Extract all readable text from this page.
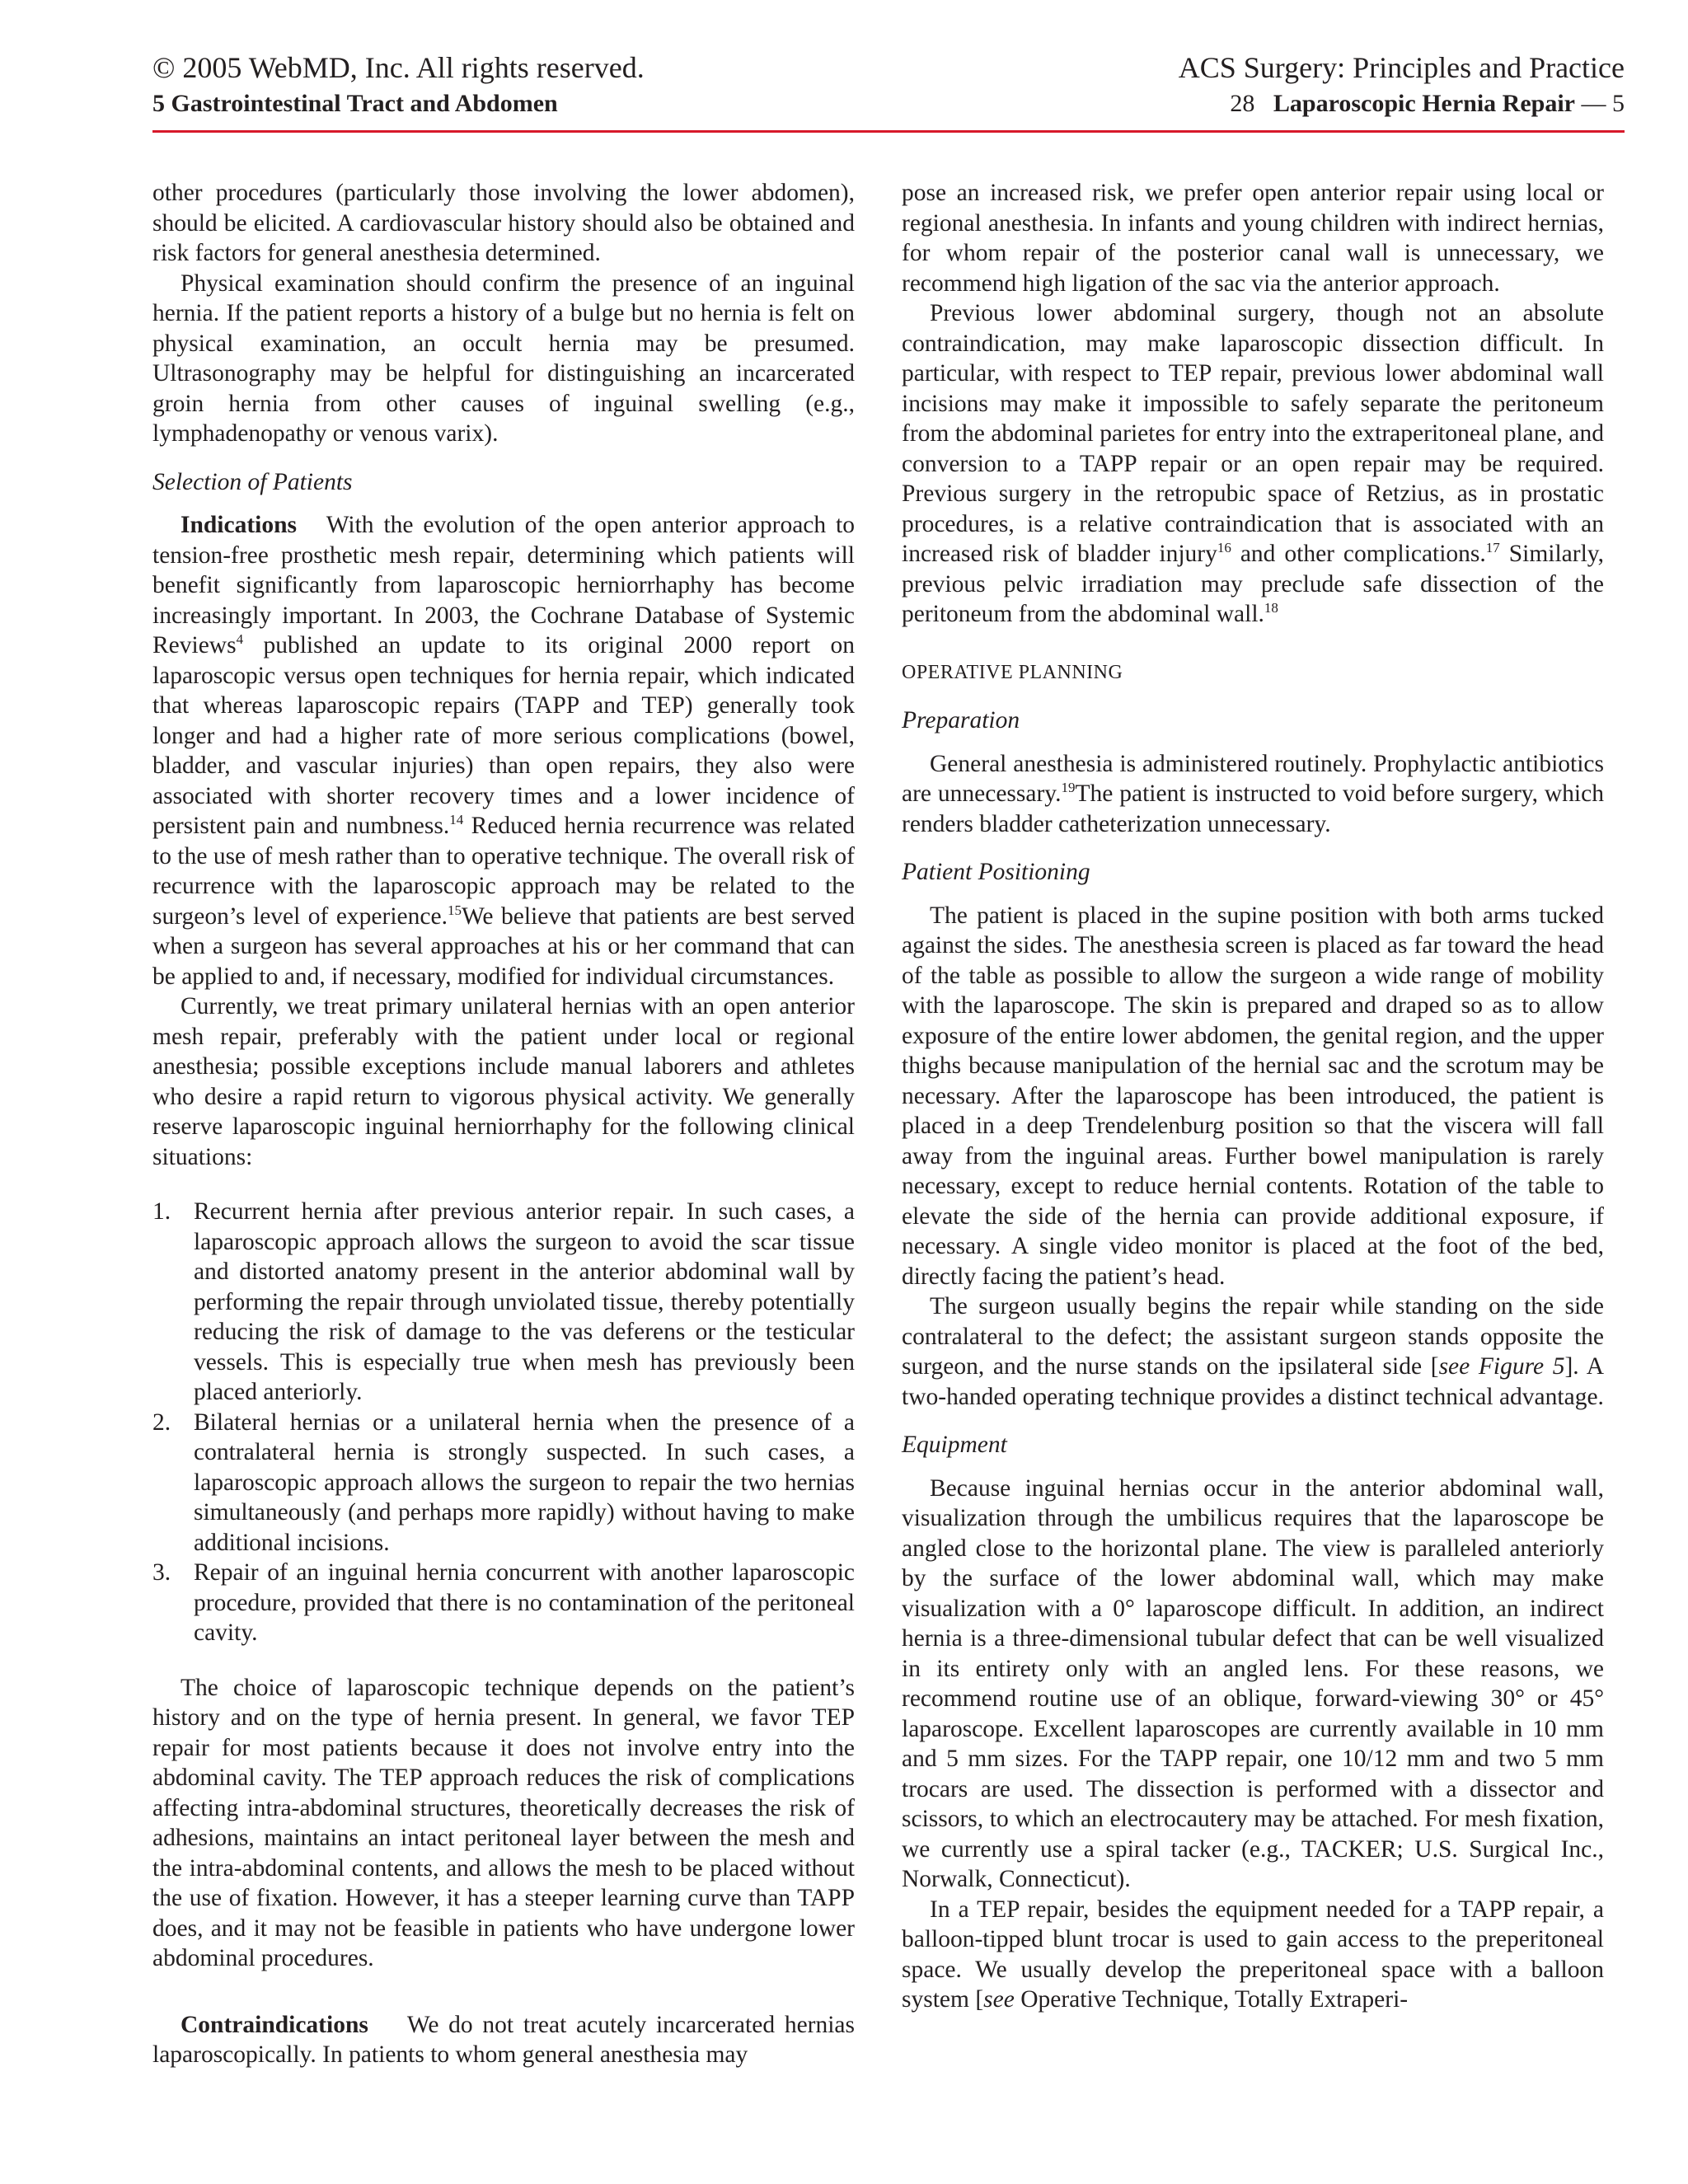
© 2005 WebMD, Inc. All rights reserved.
5 Gastrointestinal Tract and Abdomen
ACS Surgery: Principles and Practice
28 Laparoscopic Hernia Repair — 5

other procedures (particularly those involving the lower abdomen), should be elicited. A cardiovascular history should also be obtained and risk factors for general anesthesia determined.

Physical examination should confirm the presence of an inguinal hernia. If the patient reports a history of a bulge but no hernia is felt on physical examination, an occult hernia may be presumed. Ultrasonography may be helpful for distinguishing an incarcerated groin hernia from other causes of inguinal swelling (e.g., lymphadenopathy or venous varix).

Selection of Patients

Indications With the evolution of the open anterior approach to tension-free prosthetic mesh repair, determining which patients will benefit significantly from laparoscopic herniorrhaphy has become increasingly important. In 2003, the Cochrane Database of Systemic Reviews$^4$ published an update to its original 2000 report on laparoscopic versus open techniques for hernia repair, which indicated that whereas laparoscopic repairs (TAPP and TEP) generally took longer and had a higher rate of more serious complications (bowel, bladder, and vascular injuries) than open repairs, they also were associated with shorter recovery times and a lower incidence of persistent pain and numbness.$^{14}$ Reduced hernia recurrence was related to the use of mesh rather than to operative technique. The overall risk of recurrence with the laparoscopic approach may be related to the surgeon’s level of experience.$^{15}$We believe that patients are best served when a surgeon has several approaches at his or her command that can be applied to and, if necessary, modified for individual circumstances.

Currently, we treat primary unilateral hernias with an open anterior mesh repair, preferably with the patient under local or regional anesthesia; possible exceptions include manual laborers and athletes who desire a rapid return to vigorous physical activity. We generally reserve laparoscopic inguinal herniorrhaphy for the following clinical situations:

1. Recurrent hernia after previous anterior repair. In such cases, a laparoscopic approach allows the surgeon to avoid the scar tissue and distorted anatomy present in the anterior abdominal wall by performing the repair through unviolated tissue, thereby potentially reducing the risk of damage to the vas deferens or the testicular vessels. This is especially true when mesh has previously been placed anteriorly.
2. Bilateral hernias or a unilateral hernia when the presence of a contralateral hernia is strongly suspected. In such cases, a laparoscopic approach allows the surgeon to repair the two hernias simultaneously (and perhaps more rapidly) without having to make additional incisions.
3. Repair of an inguinal hernia concurrent with another laparoscopic procedure, provided that there is no contamination of the peritoneal cavity.

The choice of laparoscopic technique depends on the patient’s history and on the type of hernia present. In general, we favor TEP repair for most patients because it does not involve entry into the abdominal cavity. The TEP approach reduces the risk of complications affecting intra-abdominal structures, theoretically decreases the risk of adhesions, maintains an intact peritoneal layer between the mesh and the intra-abdominal contents, and allows the mesh to be placed without the use of fixation. However, it has a steeper learning curve than TAPP does, and it may not be feasible in patients who have undergone lower abdominal procedures.

Contraindications We do not treat acutely incarcerated hernias laparoscopically. In patients to whom general anesthesia may

pose an increased risk, we prefer open anterior repair using local or regional anesthesia. In infants and young children with indirect hernias, for whom repair of the posterior canal wall is unnecessary, we recommend high ligation of the sac via the anterior approach.

Previous lower abdominal surgery, though not an absolute contraindication, may make laparoscopic dissection difficult. In particular, with respect to TEP repair, previous lower abdominal wall incisions may make it impossible to safely separate the peritoneum from the abdominal parietes for entry into the extraperitoneal plane, and conversion to a TAPP repair or an open repair may be required. Previous surgery in the retropubic space of Retzius, as in prostatic procedures, is a relative contraindication that is associated with an increased risk of bladder injury$^{16}$ and other complications.$^{17}$ Similarly, previous pelvic irradiation may preclude safe dissection of the peritoneum from the abdominal wall.$^{18}$

OPERATIVE PLANNING

Preparation

General anesthesia is administered routinely. Prophylactic antibiotics are unnecessary.$^{19}$The patient is instructed to void before surgery, which renders bladder catheterization unnecessary.

Patient Positioning

The patient is placed in the supine position with both arms tucked against the sides. The anesthesia screen is placed as far toward the head of the table as possible to allow the surgeon a wide range of mobility with the laparoscope. The skin is prepared and draped so as to allow exposure of the entire lower abdomen, the genital region, and the upper thighs because manipulation of the hernial sac and the scrotum may be necessary. After the laparoscope has been introduced, the patient is placed in a deep Trendelenburg position so that the viscera will fall away from the inguinal areas. Further bowel manipulation is rarely necessary, except to reduce hernial contents. Rotation of the table to elevate the side of the hernia can provide additional exposure, if necessary. A single video monitor is placed at the foot of the bed, directly facing the patient’s head.

The surgeon usually begins the repair while standing on the side contralateral to the defect; the assistant surgeon stands opposite the surgeon, and the nurse stands on the ipsilateral side [see Figure 5]. A two-handed operating technique provides a distinct technical advantage.

Equipment

Because inguinal hernias occur in the anterior abdominal wall, visualization through the umbilicus requires that the laparoscope be angled close to the horizontal plane. The view is paralleled anteriorly by the surface of the lower abdominal wall, which may make visualization with a 0° laparoscope difficult. In addition, an indirect hernia is a three-dimensional tubular defect that can be well visualized in its entirety only with an angled lens. For these reasons, we recommend routine use of an oblique, forward-viewing 30° or 45° laparoscope. Excellent laparoscopes are currently available in 10 mm and 5 mm sizes. For the TAPP repair, one 10/12 mm and two 5 mm trocars are used. The dissection is performed with a dissector and scissors, to which an electrocautery may be attached. For mesh fixation, we currently use a spiral tacker (e.g., TACKER; U.S. Surgical Inc., Norwalk, Connecticut).

In a TEP repair, besides the equipment needed for a TAPP repair, a balloon-tipped blunt trocar is used to gain access to the preperitoneal space. We usually develop the preperitoneal space with a balloon system [see Operative Technique, Totally Extraperi-
